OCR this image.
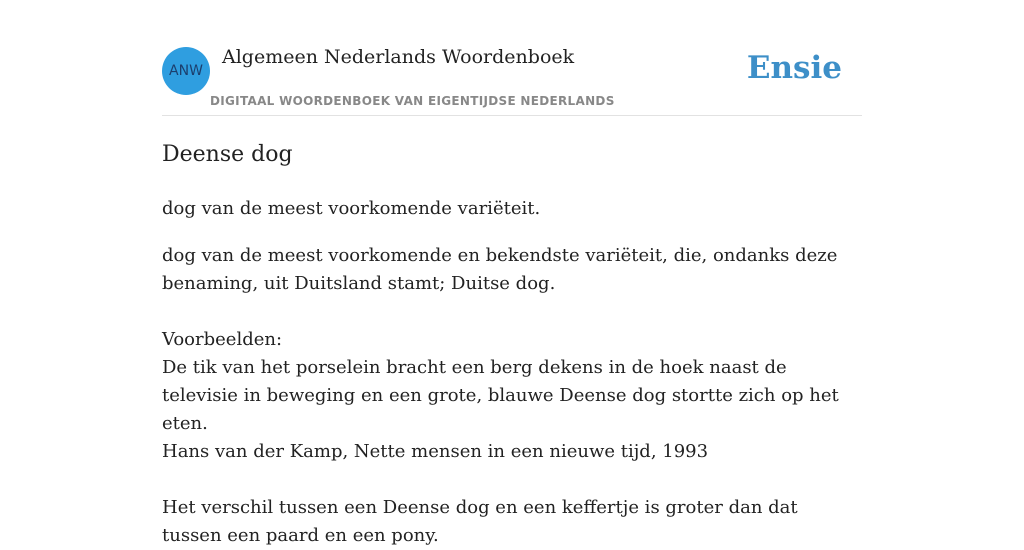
ANW
Algemeen Nederlands Woordenboek
DIGITAAL WOORDENBOEK VAN EIGENTIJDSE NEDERLANDS
Ensie
Deense dog

dog van de meest voorkomende variëteit.

dog van de meest voorkomende en bekendste variëteit, die, ondanks deze benaming, uit Duitsland stamt; Duitse dog.

Voorbeelden:

De tik van het porselein bracht een berg dekens in de hoek naast de televisie in beweging en een grote, blauwe Deense dog stortte zich op het eten.

Hans van der Kamp, Nette mensen in een nieuwe tijd, 1993

Het verschil tussen een Deense dog en een keffertje is groter dan dat tussen een paard en een pony.
